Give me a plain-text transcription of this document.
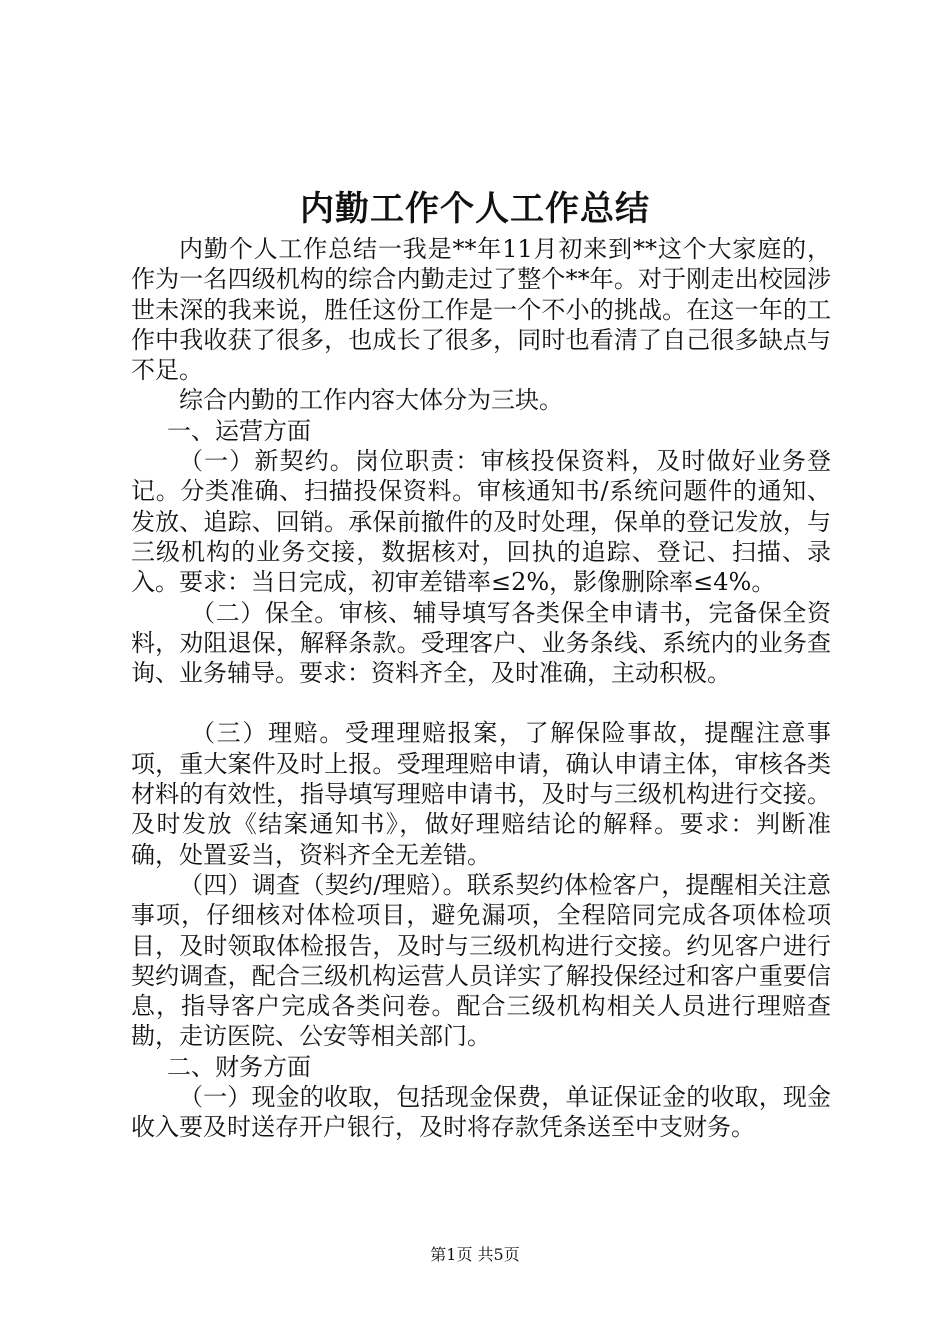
内勤工作个人工作总结

内勤个人工作总结一我是**年11月初来到**这个大家庭的，作为一名四级机构的综合内勤走过了整个**年。对于刚走出校园涉世未深的我来说，胜任这份工作是一个不小的挑战。在这一年的工作中我收获了很多，也成长了很多，同时也看清了自己很多缺点与不足。

综合内勤的工作内容大体分为三块。

一、运营方面

（一）新契约。岗位职责：审核投保资料，及时做好业务登记。分类准确、扫描投保资料。审核通知书/系统问题件的通知、发放、追踪、回销。承保前撤件的及时处理，保单的登记发放，与三级机构的业务交接，数据核对，回执的追踪、登记、扫描、录入。要求：当日完成，初审差错率≤2%，影像删除率≤4%。

（二）保全。审核、辅导填写各类保全申请书，完备保全资料，劝阻退保，解释条款。受理客户、业务条线、系统内的业务查询、业务辅导。要求：资料齐全，及时准确，主动积极。

（三）理赔。受理理赔报案，了解保险事故，提醒注意事项，重大案件及时上报。受理理赔申请，确认申请主体，审核各类材料的有效性，指导填写理赔申请书，及时与三级机构进行交接。及时发放《结案通知书》，做好理赔结论的解释。要求：判断准确，处置妥当，资料齐全无差错。

（四）调查（契约/理赔）。联系契约体检客户，提醒相关注意事项，仔细核对体检项目，避免漏项，全程陪同完成各项体检项目，及时领取体检报告，及时与三级机构进行交接。约见客户进行契约调查，配合三级机构运营人员详实了解投保经过和客户重要信息，指导客户完成各类问卷。配合三级机构相关人员进行理赔查勘，走访医院、公安等相关部门。

二、财务方面

（一）现金的收取，包括现金保费，单证保证金的收取，现金收入要及时送存开户银行，及时将存款凭条送至中支财务。

第1页 共5页
